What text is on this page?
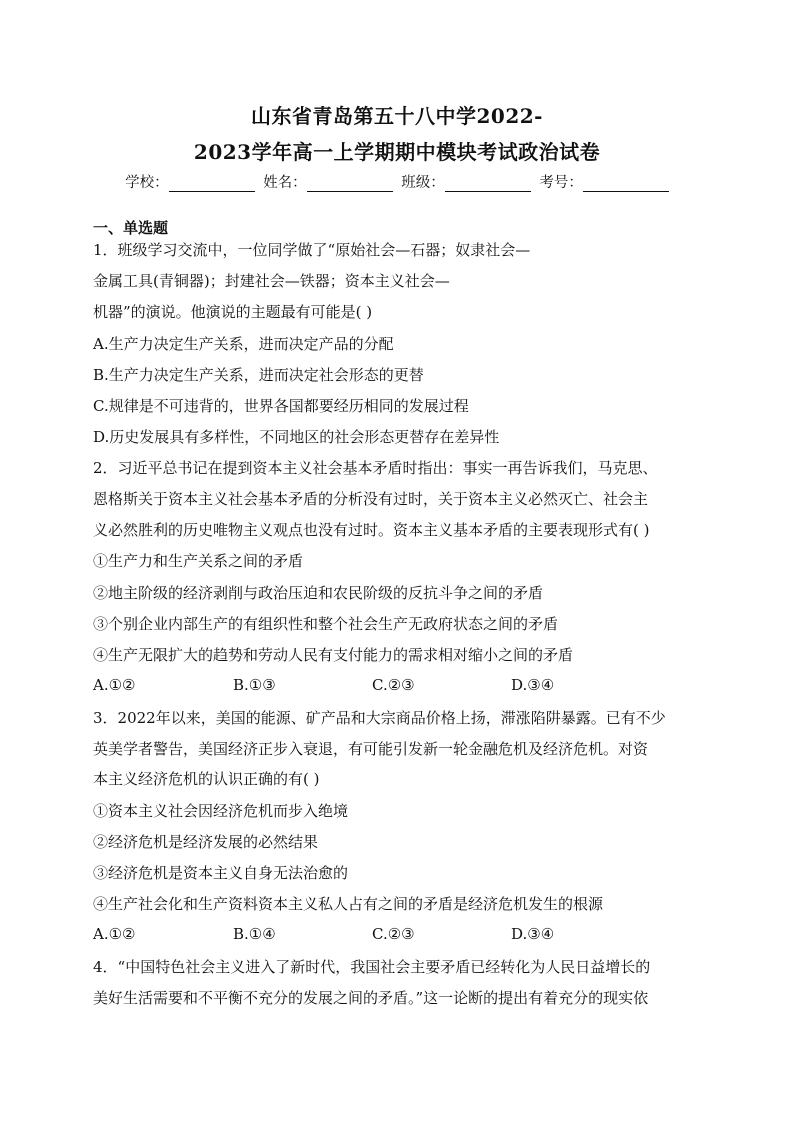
山东省青岛第五十八中学2022-
2023学年高一上学期期中模块考试政治试卷
学校：	姓名：	班级：	考号：
一、单选题
1．班级学习交流中，一位同学做了“原始社会—石器；奴隶社会—
金属工具(青铜器)；封建社会—铁器；资本主义社会—
机器”的演说。他演说的主题最有可能是( )
A.生产力决定生产关系，进而决定产品的分配
B.生产力决定生产关系，进而决定社会形态的更替
C.规律是不可违背的，世界各国都要经历相同的发展过程
D.历史发展具有多样性，不同地区的社会形态更替存在差异性
2．习近平总书记在提到资本主义社会基本矛盾时指出：事实一再告诉我们，马克思、
恩格斯关于资本主义社会基本矛盾的分析没有过时，关于资本主义必然灭亡、社会主
义必然胜利的历史唯物主义观点也没有过时。资本主义基本矛盾的主要表现形式有( )
①生产力和生产关系之间的矛盾
②地主阶级的经济剥削与政治压迫和农民阶级的反抗斗争之间的矛盾
③个别企业内部生产的有组织性和整个社会生产无政府状态之间的矛盾
④生产无限扩大的趋势和劳动人民有支付能力的需求相对缩小之间的矛盾
A.①②	B.①③	C.②③	D.③④
3．2022年以来，美国的能源、矿产品和大宗商品价格上扬，滞涨陷阱暴露。已有不少
英美学者警告，美国经济正步入衰退，有可能引发新一轮金融危机及经济危机。对资
本主义经济危机的认识正确的有( )
①资本主义社会因经济危机而步入绝境
②经济危机是经济发展的必然结果
③经济危机是资本主义自身无法治愈的
④生产社会化和生产资料资本主义私人占有之间的矛盾是经济危机发生的根源
A.①②	B.①④	C.②③	D.③④
4．“中国特色社会主义进入了新时代，我国社会主要矛盾已经转化为人民日益增长的
美好生活需要和不平衡不充分的发展之间的矛盾。”这一论断的提出有着充分的现实依
